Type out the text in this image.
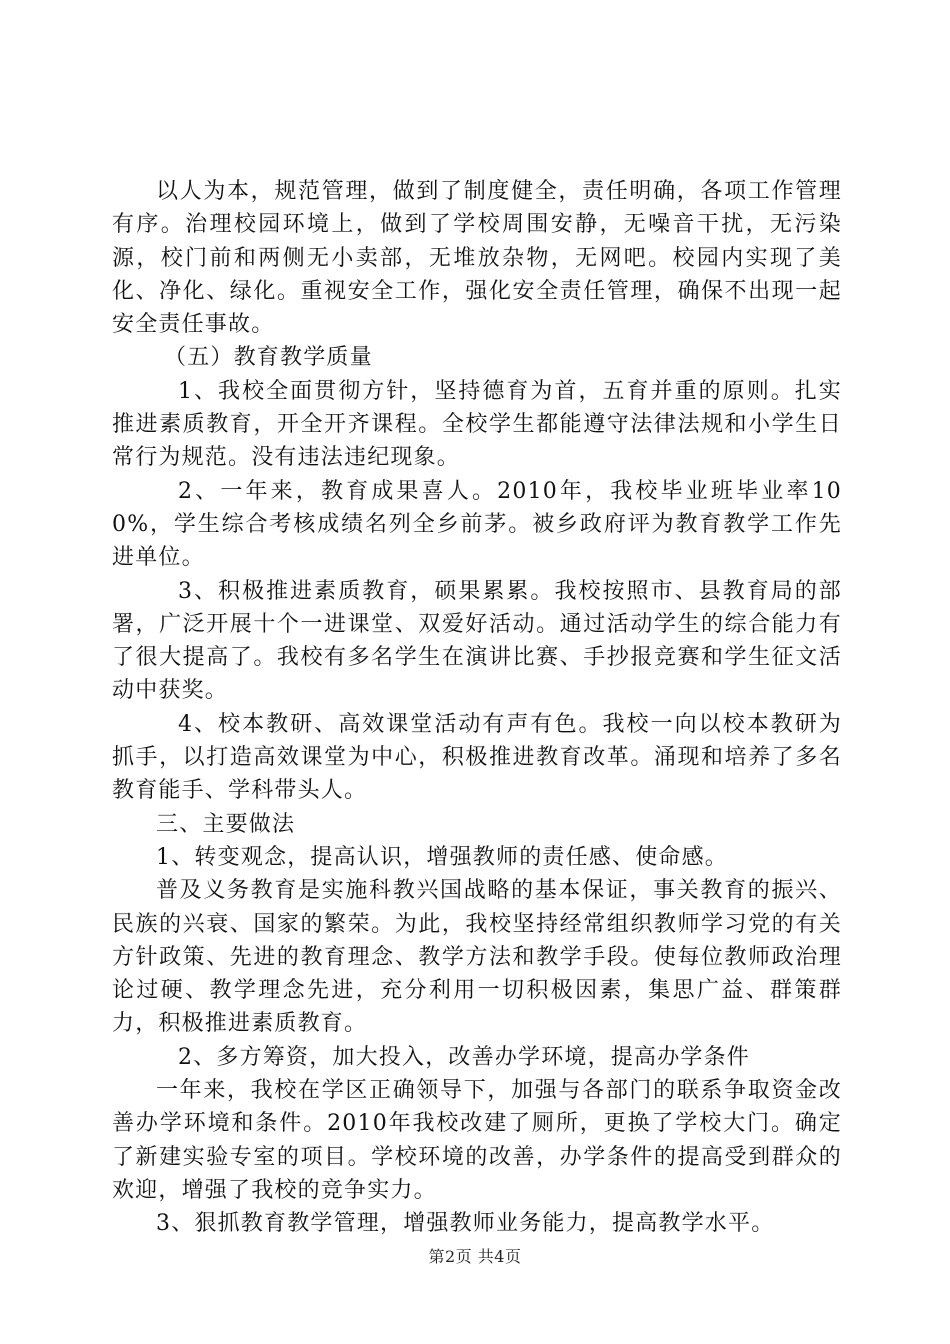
以人为本，规范管理，做到了制度健全，责任明确，各项工作管理有序。治理校园环境上，做到了学校周围安静，无噪音干扰，无污染源，校门前和两侧无小卖部，无堆放杂物，无网吧。校园内实现了美化、净化、绿化。重视安全工作，强化安全责任管理，确保不出现一起安全责任事故。

（五）教育教学质量

1、我校全面贯彻方针，坚持德育为首，五育并重的原则。扎实推进素质教育，开全开齐课程。全校学生都能遵守法律法规和小学生日常行为规范。没有违法违纪现象。

2、一年来，教育成果喜人。2010年，我校毕业班毕业率100%，学生综合考核成绩名列全乡前茅。被乡政府评为教育教学工作先进单位。

3、积极推进素质教育，硕果累累。我校按照市、县教育局的部署，广泛开展十个一进课堂、双爱好活动。通过活动学生的综合能力有了很大提高了。我校有多名学生在演讲比赛、手抄报竞赛和学生征文活动中获奖。

4、校本教研、高效课堂活动有声有色。我校一向以校本教研为抓手，以打造高效课堂为中心，积极推进教育改革。涌现和培养了多名教育能手、学科带头人。

三、主要做法

1、转变观念，提高认识，增强教师的责任感、使命感。

普及义务教育是实施科教兴国战略的基本保证，事关教育的振兴、民族的兴衰、国家的繁荣。为此，我校坚持经常组织教师学习党的有关方针政策、先进的教育理念、教学方法和教学手段。使每位教师政治理论过硬、教学理念先进，充分利用一切积极因素，集思广益、群策群力，积极推进素质教育。

2、多方筹资，加大投入，改善办学环境，提高办学条件

一年来，我校在学区正确领导下，加强与各部门的联系争取资金改善办学环境和条件。2010年我校改建了厕所，更换了学校大门。确定了新建实验专室的项目。学校环境的改善，办学条件的提高受到群众的欢迎，增强了我校的竞争实力。

3、狠抓教育教学管理，增强教师业务能力，提高教学水平。

第2页 共4页
